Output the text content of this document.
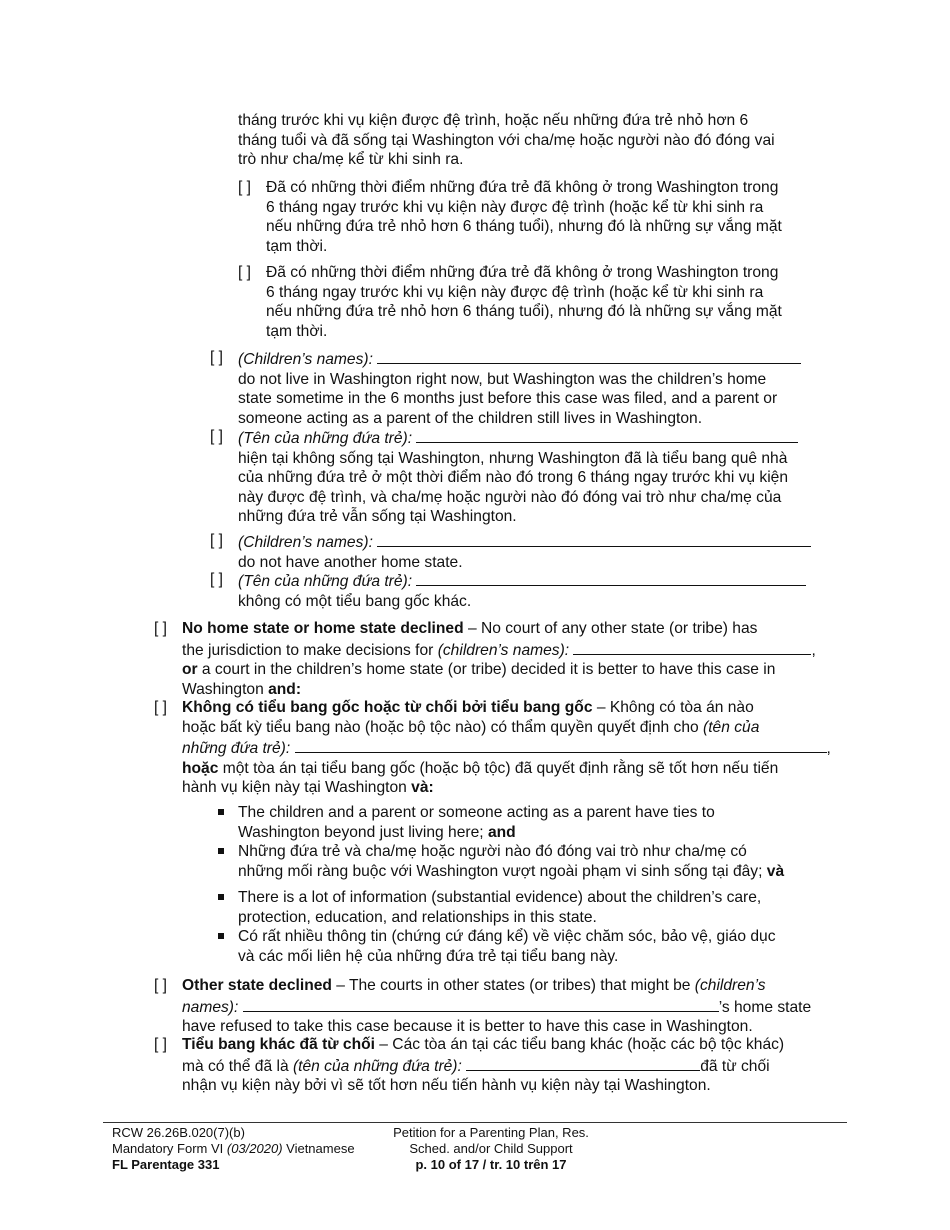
tháng trước khi vụ kiện được đệ trình, hoặc nếu những đứa trẻ nhỏ hơn 6

tháng tuổi và đã sống tại Washington với cha/mẹ hoặc người nào đó đóng vai

trò như cha/mẹ kể từ khi sinh ra.

[ ] Đã có những thời điểm những đứa trẻ đã không ở trong Washington trong

6 tháng ngay trước khi vụ kiện này được đệ trình (hoặc kể từ khi sinh ra

nếu những đứa trẻ nhỏ hơn 6 tháng tuổi), nhưng đó là những sự vắng mặt

tạm thời.

[ ] Đã có những thời điểm những đứa trẻ đã không ở trong Washington trong

6 tháng ngay trước khi vụ kiện này được đệ trình (hoặc kể từ khi sinh ra

nếu những đứa trẻ nhỏ hơn 6 tháng tuổi), nhưng đó là những sự vắng mặt

tạm thời.

[ ] (Children’s names):

do not live in Washington right now, but Washington was the children’s home

state sometime in the 6 months just before this case was filed, and a parent or

someone acting as a parent of the children still lives in Washington.

[ ] (Tên của những đứa trẻ):

hiện tại không sống tại Washington, nhưng Washington đã là tiểu bang quê nhà

của những đứa trẻ ở một thời điểm nào đó trong 6 tháng ngay trước khi vụ kiện

này được đệ trình, và cha/mẹ hoặc người nào đó đóng vai trò như cha/mẹ của

những đứa trẻ vẫn sống tại Washington.

[ ] (Children’s names):

do not have another home state.

[ ] (Tên của những đứa trẻ):

không có một tiểu bang gốc khác.

[ ] No home state or home state declined – No court of any other state (or tribe) has

the jurisdiction to make decisions for (children’s names):	,

or a court in the children’s home state (or tribe) decided it is better to have this case in

Washington and:

[ ] Không có tiểu bang gốc hoặc từ chối bởi tiểu bang gốc – Không có tòa án nào

hoặc bất kỳ tiểu bang nào (hoặc bộ tộc nào) có thẩm quyền quyết định cho (tên của

những đứa trẻ):	,

hoặc một tòa án tại tiểu bang gốc (hoặc bộ tộc) đã quyết định rằng sẽ tốt hơn nếu tiến

hành vụ kiện này tại Washington và:

The children and a parent or someone acting as a parent have ties to

Washington beyond just living here; and

Những đứa trẻ và cha/mẹ hoặc người nào đó đóng vai trò như cha/mẹ có

những mối ràng buộc với Washington vượt ngoài phạm vi sinh sống tại đây; và

There is a lot of information (substantial evidence) about the children’s care,

protection, education, and relationships in this state.

Có rất nhiều thông tin (chứng cứ đáng kể) về việc chăm sóc, bảo vệ, giáo dục

và các mối liên hệ của những đứa trẻ tại tiểu bang này.

[ ] Other state declined – The courts in other states (or tribes) that might be (children’s

names):	’s home state

have refused to take this case because it is better to have this case in Washington.

[ ] Tiểu bang khác đã từ chối – Các tòa án tại các tiểu bang khác (hoặc các bộ tộc khác)

mà có thể đã là (tên của những đứa trẻ):	đã từ chối

nhận vụ kiện này bởi vì sẽ tốt hơn nếu tiến hành vụ kiện này tại Washington.

RCW 26.26B.020(7)(b)
Mandatory Form VI (03/2020) Vietnamese
FL Parentage 331
Petition for a Parenting Plan, Res.
Sched. and/or Child Support
p. 10 of 17 / tr. 10 trên 17
